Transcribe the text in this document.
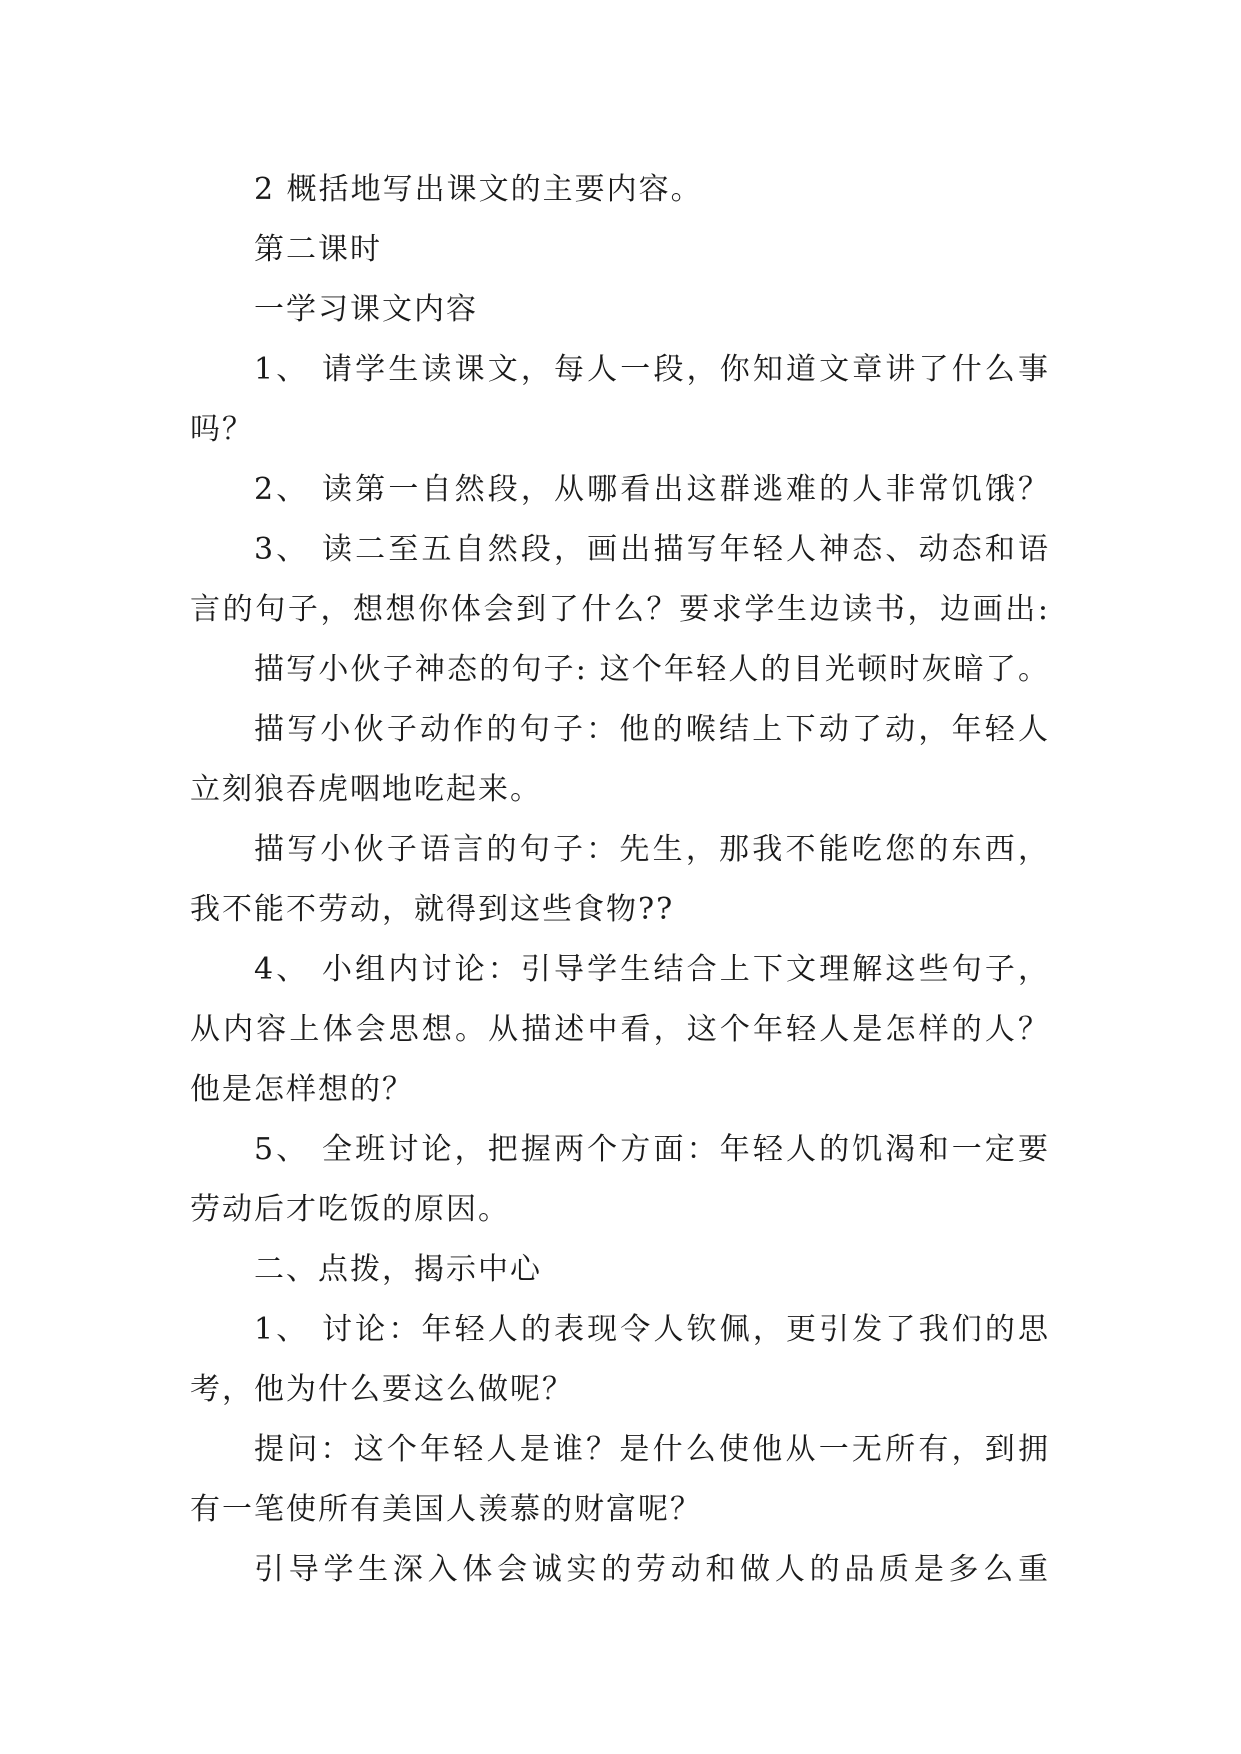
2 概括地写出课文的主要内容。
第二课时
一学习课文内容
1、 请学生读课文，每人一段，你知道文章讲了什么事
吗？
2、 读第一自然段，从哪看出这群逃难的人非常饥饿？
3、 读二至五自然段，画出描写年轻人神态、动态和语
言的句子，想想你体会到了什么？要求学生边读书，边画出:
描写小伙子神态的句子: 这个年轻人的目光顿时灰暗了。
描写小伙子动作的句子：他的喉结上下动了动，年轻人
立刻狼吞虎咽地吃起来。
描写小伙子语言的句子：先生，那我不能吃您的东西，
我不能不劳动，就得到这些食物??
4、 小组内讨论：引导学生结合上下文理解这些句子，
从内容上体会思想。从描述中看，这个年轻人是怎样的人？
他是怎样想的？
5、 全班讨论，把握两个方面：年轻人的饥渴和一定要
劳动后才吃饭的原因。
二、点拨，揭示中心
1、 讨论：年轻人的表现令人钦佩，更引发了我们的思
考，他为什么要这么做呢？
提问：这个年轻人是谁？是什么使他从一无所有，到拥
有一笔使所有美国人羡慕的财富呢？
引导学生深入体会诚实的劳动和做人的品质是多么重
